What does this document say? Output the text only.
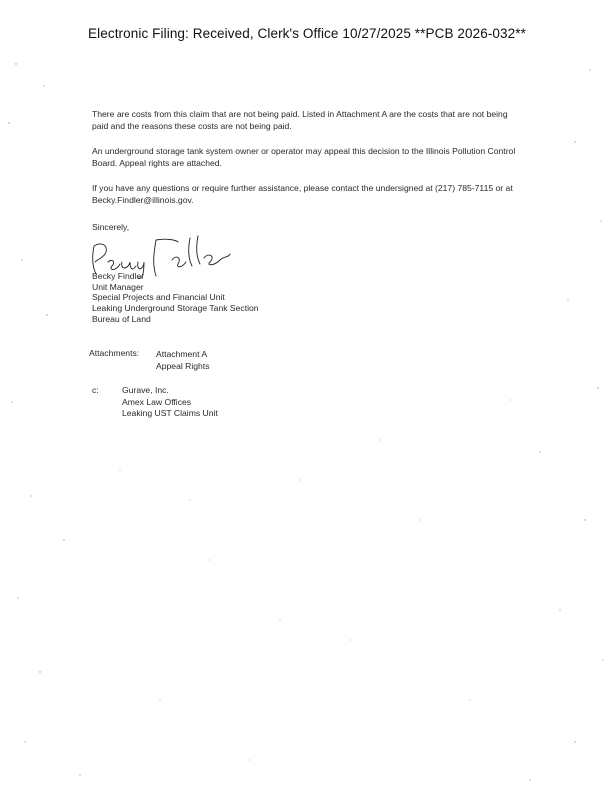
Electronic Filing: Received, Clerk's Office 10/27/2025 **PCB 2026-032**
There are costs from this claim that are not being paid. Listed in Attachment A are the costs that are not being paid and the reasons these costs are not being paid.
An underground storage tank system owner or operator may appeal this decision to the Illinois Pollution Control Board. Appeal rights are attached.
If you have any questions or require further assistance, please contact the undersigned at (217) 785-7115 or at Becky.Findler@illinois.gov.
Sincerely,
Becky Findler
Unit Manager
Special Projects and Financial Unit
Leaking Underground Storage Tank Section
Bureau of Land
Attachments: Attachment A
Appeal Rights
c:	Gurave, Inc.
Amex Law Offices
Leaking UST Claims Unit
